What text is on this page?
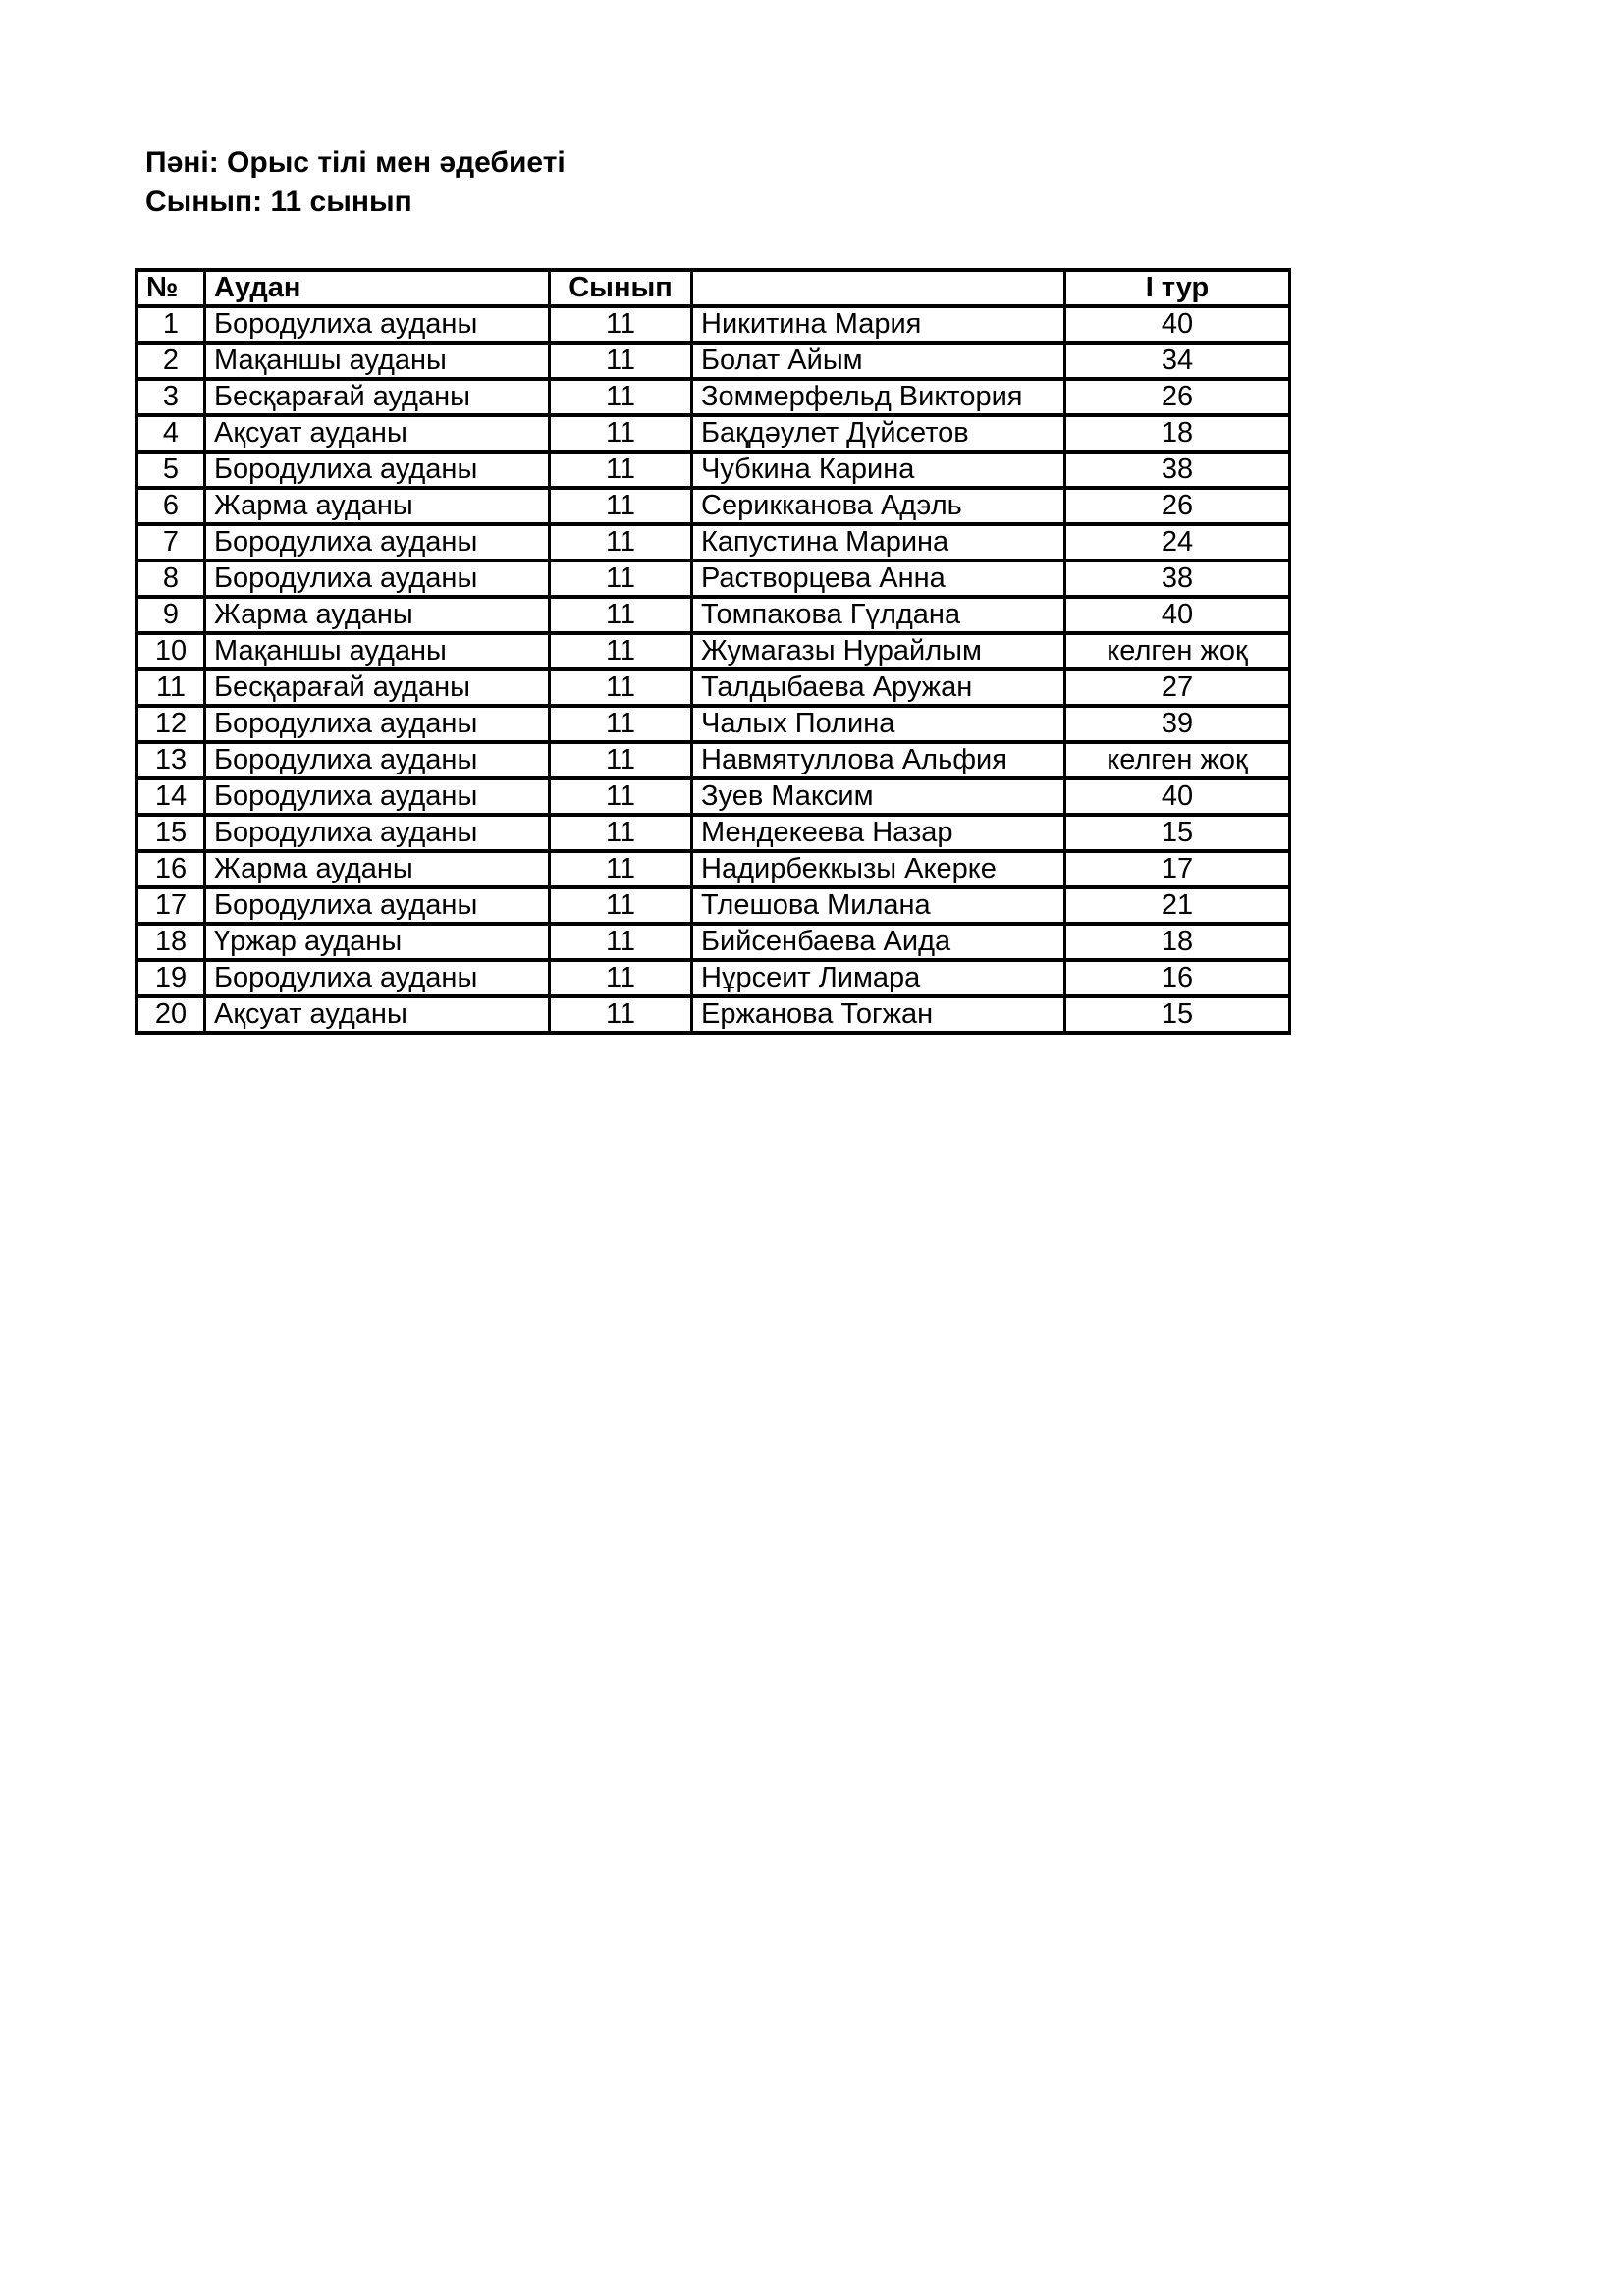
Пәні: Орыс тілі мен әдебиеті
Сынып: 11 сынып
№	Аудан	Сынып		І тур
1	Бородулиха ауданы	11	Никитина Мария	40
2	Мақаншы ауданы	11	Болат Айым	34
3	Бесқарағай ауданы	11	Зоммерфельд Виктория	26
4	Ақсуат ауданы	11	Бақдәулет Дүйсетов	18
5	Бородулиха ауданы	11	Чубкина Карина	38
6	Жарма ауданы	11	Серикканова Адэль	26
7	Бородулиха ауданы	11	Капустина Марина	24
8	Бородулиха ауданы	11	Растворцева Анна	38
9	Жарма ауданы	11	Томпакова Гүлдана	40
10	Мақаншы ауданы	11	Жумагазы Нурайлым	келген жоқ
11	Бесқарағай ауданы	11	Талдыбаева Аружан	27
12	Бородулиха ауданы	11	Чалых Полина	39
13	Бородулиха ауданы	11	Навмятуллова Альфия	келген жоқ
14	Бородулиха ауданы	11	Зуев Максим	40
15	Бородулиха ауданы	11	Мендекеева Назар	15
16	Жарма ауданы	11	Надирбеккызы Акерке	17
17	Бородулиха ауданы	11	Тлешова Милана	21
18	Үржар ауданы	11	Бийсенбаева Аида	18
19	Бородулиха ауданы	11	Нұрсеит Лимара	16
20	Ақсуат ауданы	11	Ержанова Тогжан	15
